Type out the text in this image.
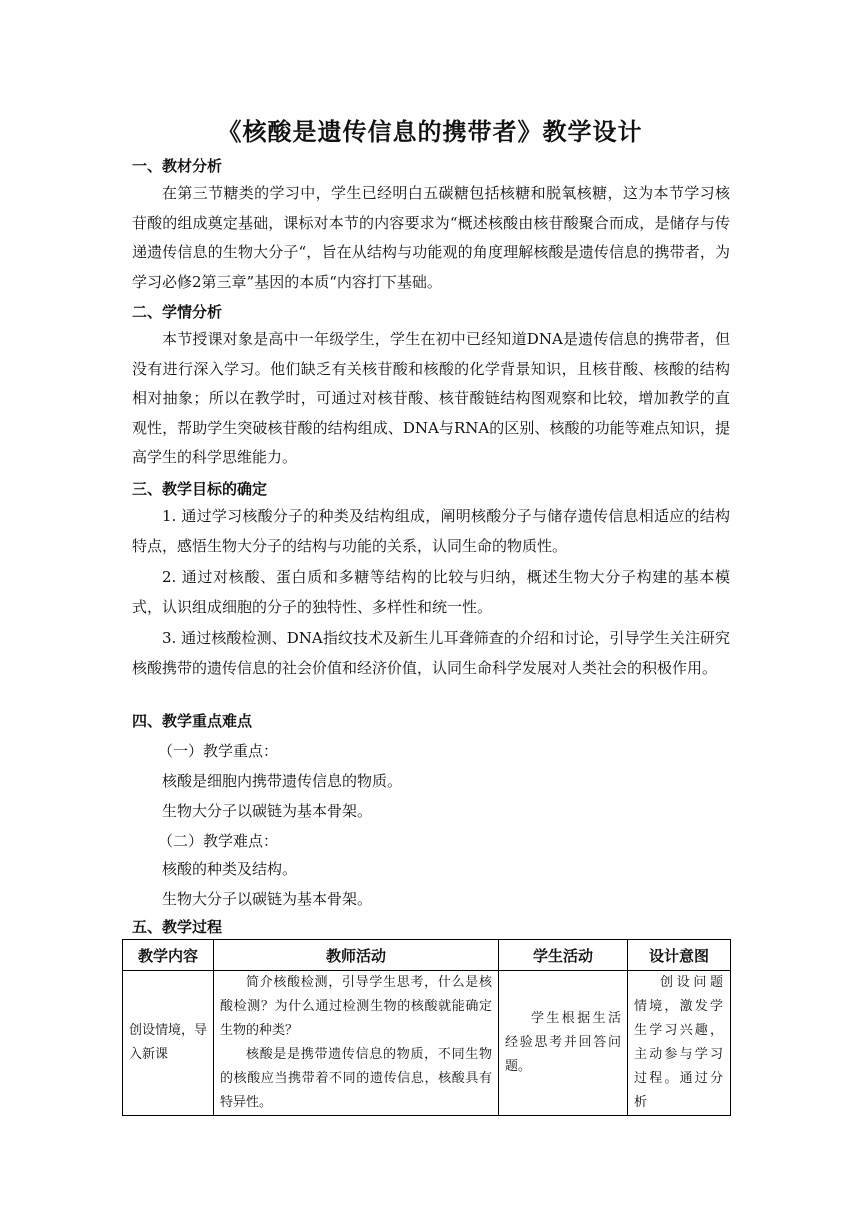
《核酸是遗传信息的携带者》教学设计
一、教材分析

在第三节糖类的学习中，学生已经明白五碳糖包括核糖和脱氧核糖，这为本节学习核苷酸的组成奠定基础，课标对本节的内容要求为“概述核酸由核苷酸聚合而成，是储存与传递遗传信息的生物大分子“，旨在从结构与功能观的角度理解核酸是遗传信息的携带者，为学习必修2第三章”基因的本质“内容打下基础。

二、学情分析

本节授课对象是高中一年级学生，学生在初中已经知道DNA是遗传信息的携带者，但没有进行深入学习。他们缺乏有关核苷酸和核酸的化学背景知识，且核苷酸、核酸的结构相对抽象；所以在教学时，可通过对核苷酸、核苷酸链结构图观察和比较，增加教学的直观性，帮助学生突破核苷酸的结构组成、DNA与RNA的区别、核酸的功能等难点知识，提高学生的科学思维能力。

三、教学目标的确定

1. 通过学习核酸分子的种类及结构组成，阐明核酸分子与储存遗传信息相适应的结构特点，感悟生物大分子的结构与功能的关系，认同生命的物质性。

2. 通过对核酸、蛋白质和多糖等结构的比较与归纳，概述生物大分子构建的基本模式，认识组成细胞的分子的独特性、多样性和统一性。

3. 通过核酸检测、DNA指纹技术及新生儿耳聋筛查的介绍和讨论，引导学生关注研究核酸携带的遗传信息的社会价值和经济价值，认同生命科学发展对人类社会的积极作用。

四、教学重点难点
（一）教学重点：
核酸是细胞内携带遗传信息的物质。
生物大分子以碳链为基本骨架。
（二）教学难点：
核酸的种类及结构。
生物大分子以碳链为基本骨架。
五、教学过程
教学内容	教师活动	学生活动	设计意图
创设情境，导入新课	简介核酸检测，引导学生思考，什么是核酸检测？为什么通过检测生物的核酸就能确定生物的种类？

核酸是是携带遗传信息的物质，不同生物的核酸应当携带着不同的遗传信息，核酸具有特异性。	学生根据生活经验思考并回答问题。	创设问题情境，激发学生学习兴趣，主动参与学习过程。通过分析
